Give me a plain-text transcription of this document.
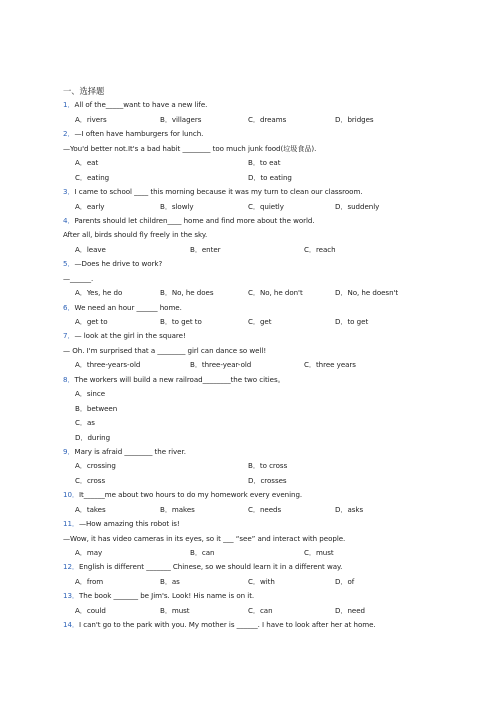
一、选择题
1．All of the_____want to have a new life.
A．rivers	B．villagers	C．dreams	D．bridges
2．—I often have hamburgers for lunch.
—You'd better not.It's a bad habit ________ too much junk food(垃圾食品).
A．eat	B．to eat
C．eating	D．to eating
3．I came to school ____ this morning because it was my turn to clean our classroom.
A．early	B．slowly	C．quietly	D．suddenly
4．Parents should let children____ home and find more about the world.
After all, birds should fly freely in the sky.
A．leave	B．enter	C．reach
5．—Does he drive to work?
—______.
A．Yes, he do	B．No, he does	C．No, he don't	D．No, he doesn't
6．We need an hour ______ home.
A．get to	B．to get to	C．get	D．to get
7．— look at the girl in the square!
— Oh. I'm surprised that a ________ girl can dance so well!
A．three-years-old	B．three-year-old	C．three years
8．The workers will build a new railroad________the two cities。
A．since
B．between
C．as
D．during
9．Mary is afraid ________ the river.
A．crossing	B．to cross
C．cross	D．crosses
10．It______me about two hours to do my homework every evening.
A．takes	B．makes	C．needs	D．asks
11．—How amazing this robot is!
—Wow, it has video cameras in its eyes, so it ___ “see” and interact with people.
A．may	B．can	C．must
12．English is different _______ Chinese, so we should learn it in a different way.
A．from	B．as	C．with	D．of
13．The book _______ be Jim's. Look! His name is on it.
A．could	B．must	C．can	D．need
14．I can't go to the park with you. My mother is ______. I have to look after her at home.
